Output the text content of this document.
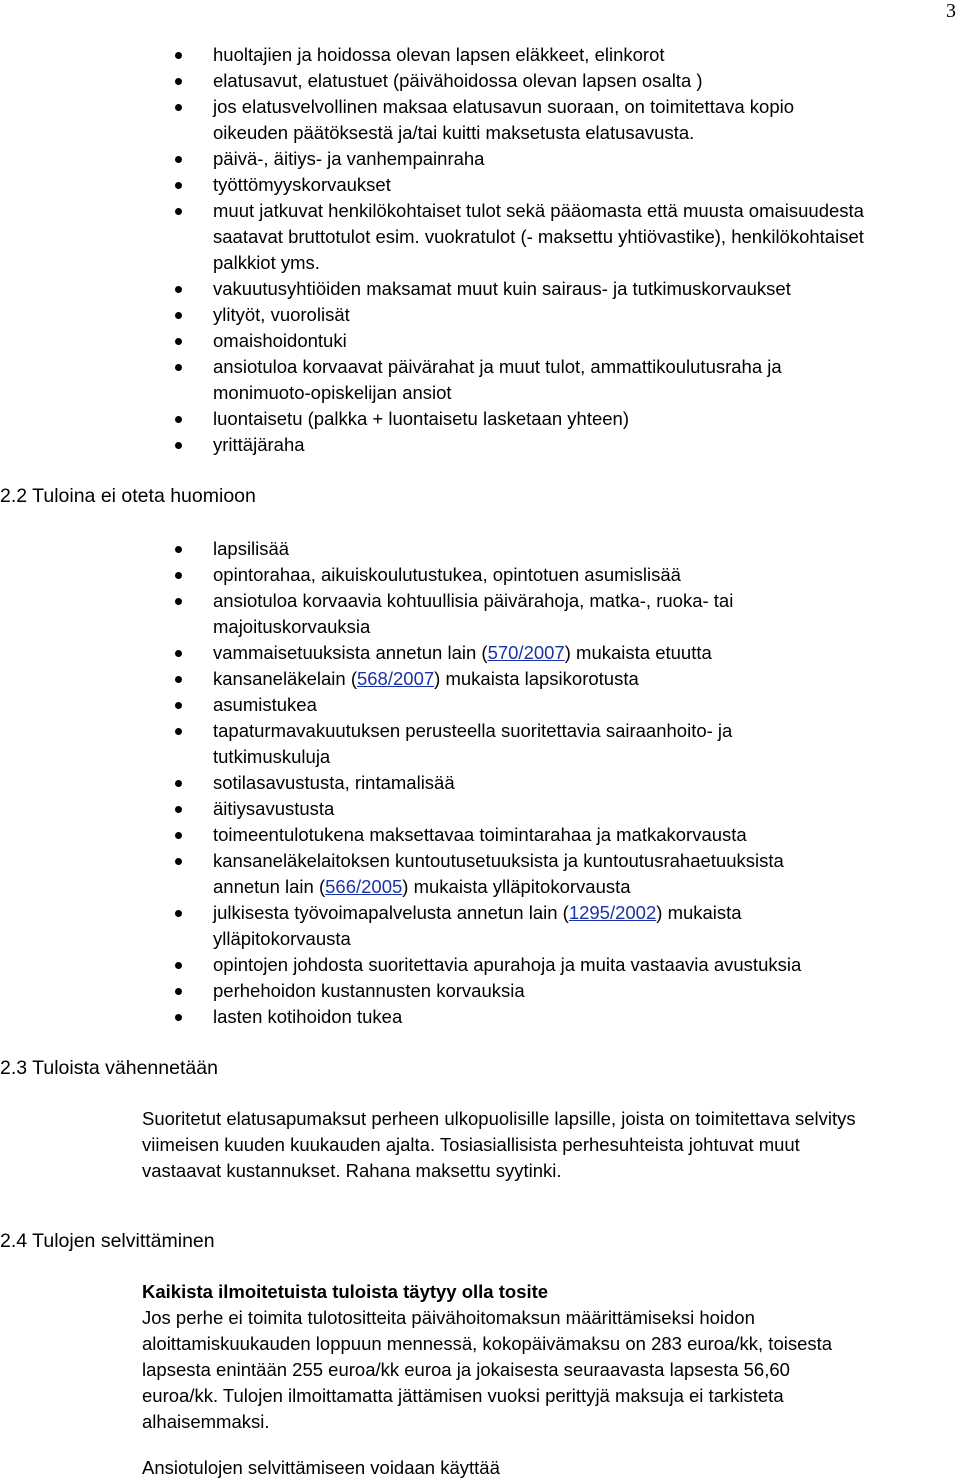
3
huoltajien ja hoidossa olevan lapsen eläkkeet, elinkorot
elatusavut, elatustuet (päivähoidossa olevan lapsen osalta )
jos elatusvelvollinen maksaa elatusavun suoraan, on toimitettava kopio
oikeuden päätöksestä ja/tai kuitti maksetusta elatusavusta.
päivä-, äitiys- ja vanhempainraha
työttömyyskorvaukset
muut jatkuvat henkilökohtaiset tulot sekä pääomasta että muusta omaisuudesta
saatavat bruttotulot esim. vuokratulot (- maksettu yhtiövastike), henkilökohtaiset
palkkiot yms.
vakuutusyhtiöiden maksamat muut kuin sairaus- ja tutkimuskorvaukset
ylityöt, vuorolisät
omaishoidontuki
ansiotuloa korvaavat päivärahat ja muut tulot, ammattikoulutusraha ja
monimuoto-opiskelijan ansiot
luontaisetu (palkka + luontaisetu lasketaan yhteen)
yrittäjäraha
2.2 Tuloina ei oteta huomioon
lapsilisää
opintorahaa, aikuiskoulutustukea, opintotuen asumislisää
ansiotuloa korvaavia kohtuullisia päivärahoja, matka-, ruoka- tai
majoituskorvauksia
vammaisetuuksista annetun lain (570/2007) mukaista etuutta
kansaneläkelain (568/2007) mukaista lapsikorotusta
asumistukea
tapaturmavakuutuksen perusteella suoritettavia sairaanhoito- ja
tutkimuskuluja
sotilasavustusta, rintamalisää
äitiysavustusta
toimeentulotukena maksettavaa toimintarahaa ja matkakorvausta
kansaneläkelaitoksen kuntoutusetuuksista ja kuntoutusrahaetuuksista
annetun lain (566/2005) mukaista ylläpitokorvausta
julkisesta työvoimapalvelusta annetun lain (1295/2002) mukaista
ylläpitokorvausta
opintojen johdosta suoritettavia apurahoja ja muita vastaavia avustuksia
perhehoidon kustannusten korvauksia
lasten kotihoidon tukea
2.3 Tuloista vähennetään

Suoritetut elatusapumaksut perheen ulkopuolisille lapsille, joista on toimitettava selvitys
viimeisen kuuden kuukauden ajalta. Tosiasiallisista perhesuhteista johtuvat muut
vastaavat kustannukset. Rahana maksettu syytinki.

2.4 Tulojen selvittäminen

Kaikista ilmoitetuista tuloista täytyy olla tosite
Jos perhe ei toimita tulotositteita päivähoitomaksun määrittämiseksi hoidon
aloittamiskuukauden loppuun mennessä, kokopäivämaksu on 283 euroa/kk, toisesta
lapsesta enintään 255 euroa/kk euroa ja jokaisesta seuraavasta lapsesta 56,60
euroa/kk. Tulojen ilmoittamatta jättämisen vuoksi perittyjä maksuja ei tarkisteta
alhaisemmaksi.

Ansiotulojen selvittämiseen voidaan käyttää
